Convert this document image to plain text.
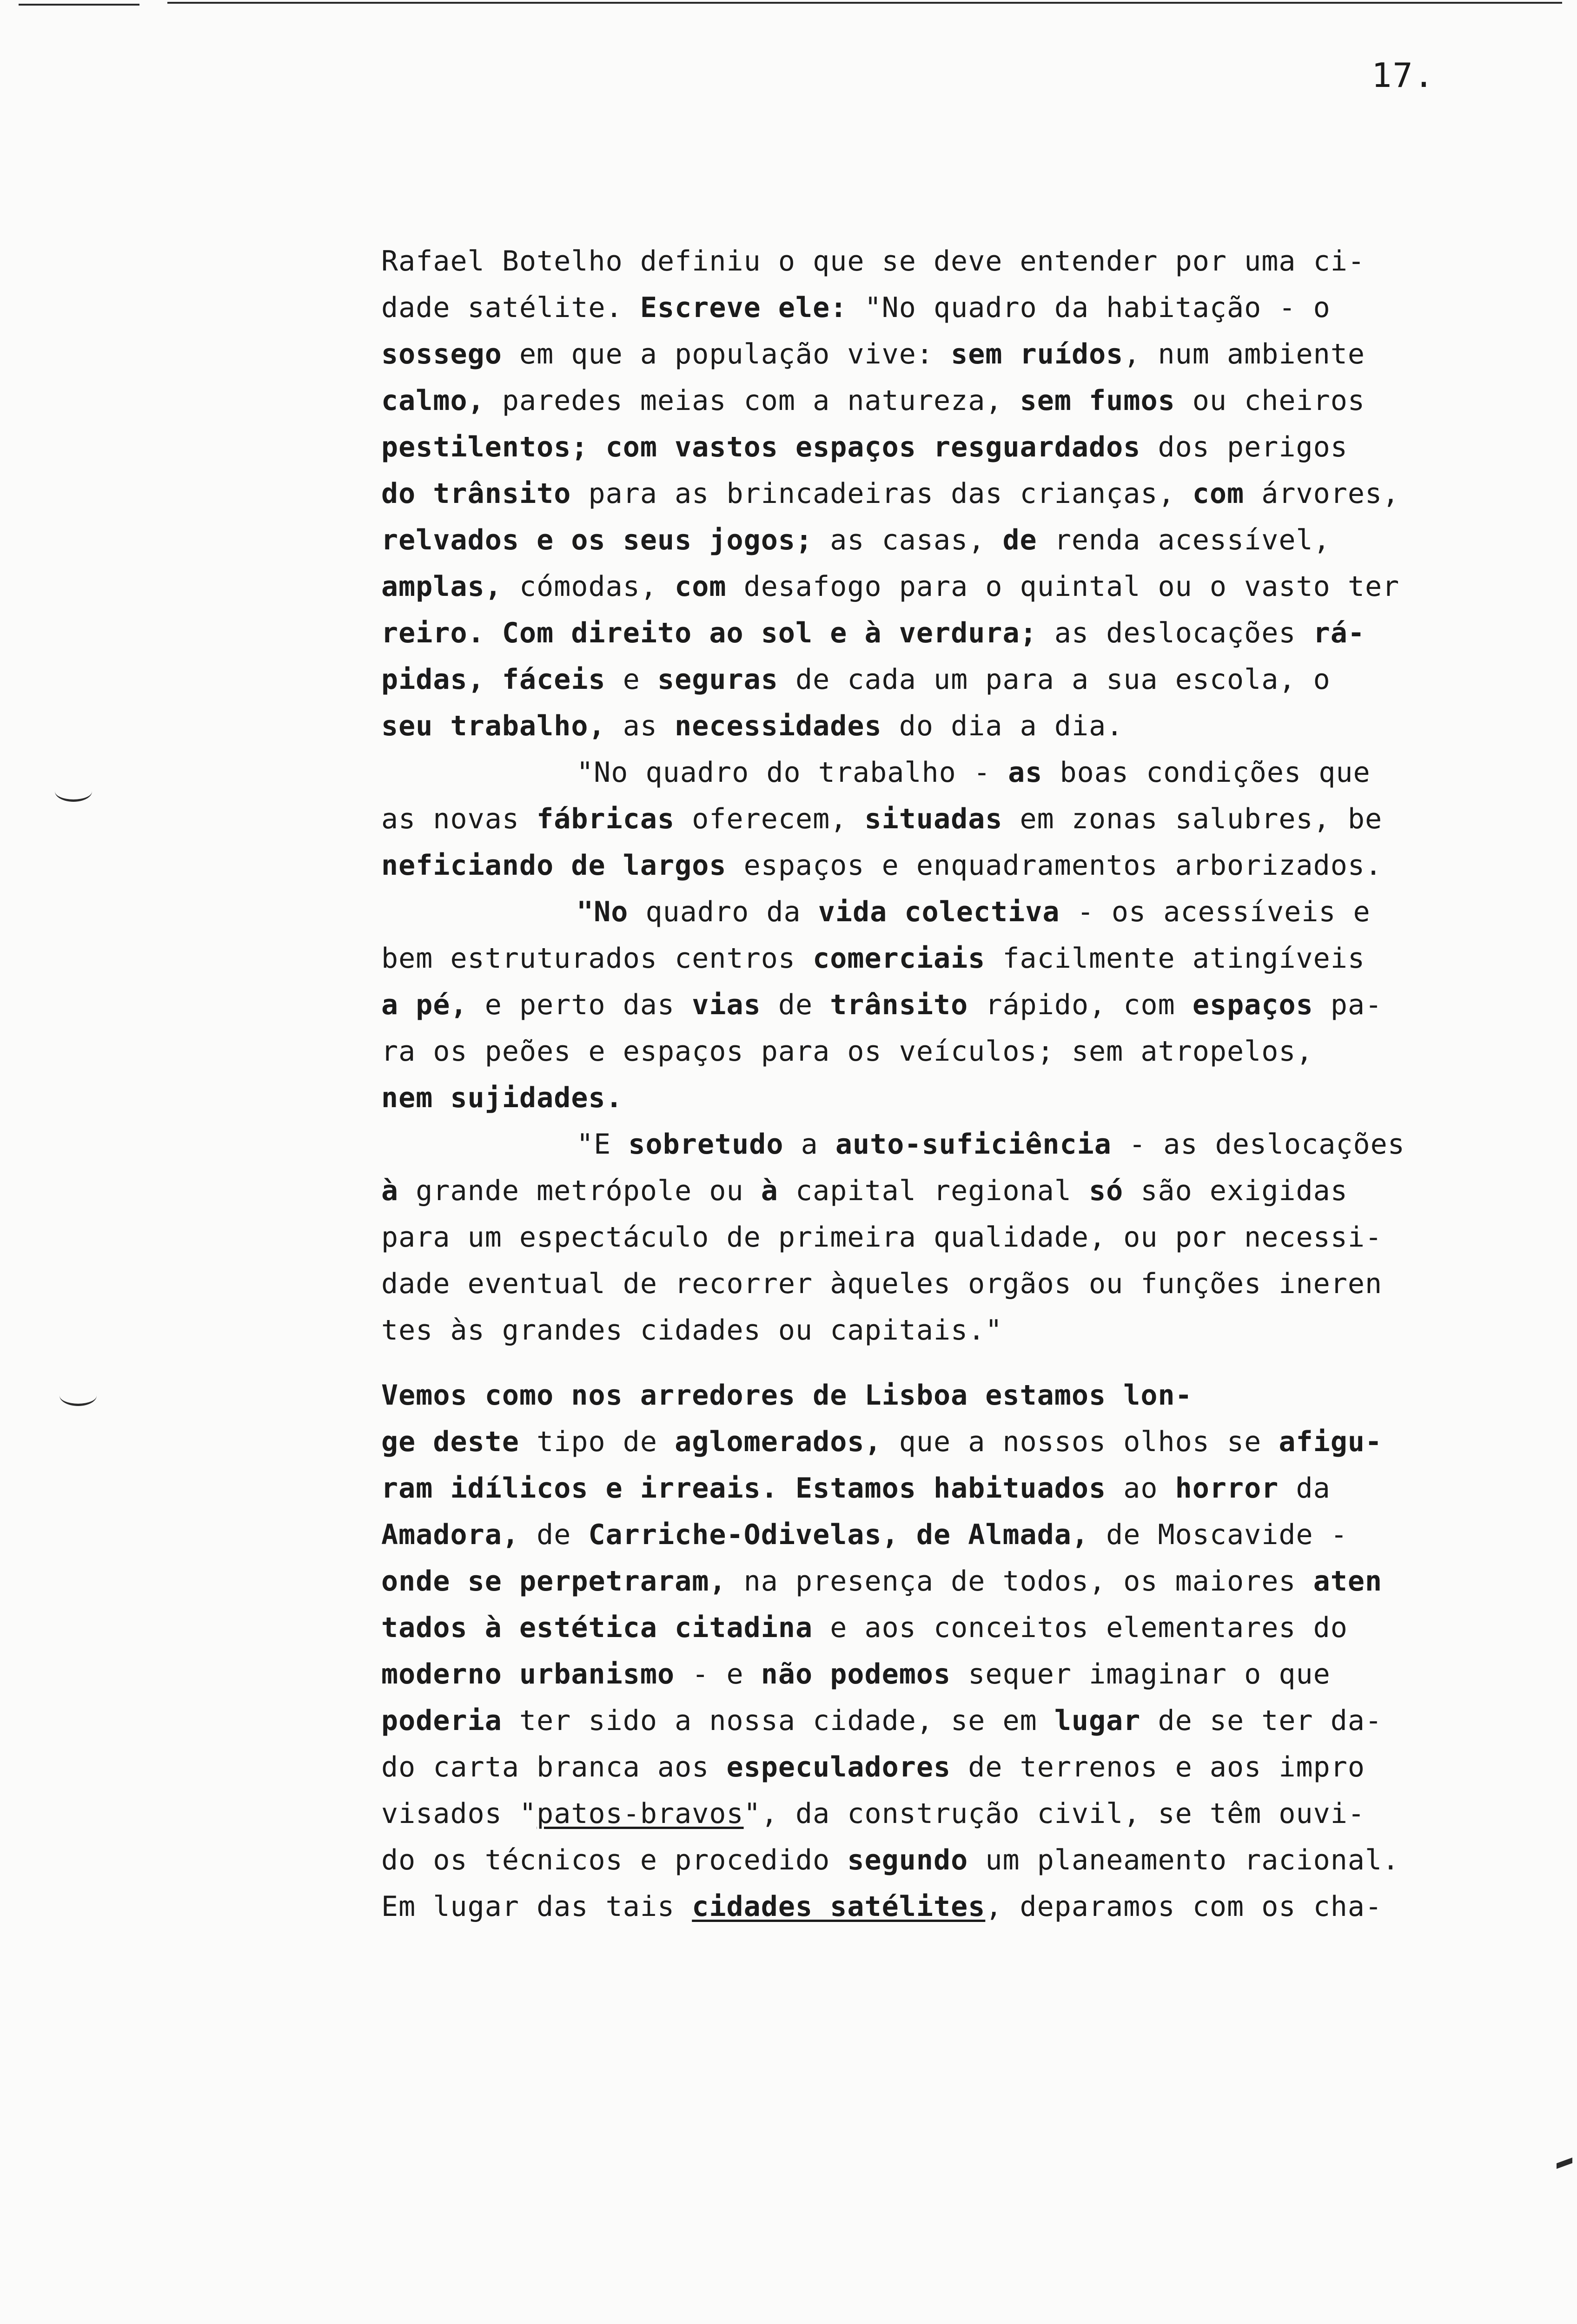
17.
Rafael Botelho definiu o que se deve entender por uma ci-
dade satélite. Escreve ele: "No quadro da habitação - o
sossego em que a população vive: sem ruídos, num ambiente
calmo, paredes meias com a natureza, sem fumos ou cheiros
pestilentos; com vastos espaços resguardados dos perigos
do trânsito para as brincadeiras das crianças, com árvores,
relvados e os seus jogos; as casas, de renda acessível,
amplas, cómodas, com desafogo para o quintal ou o vasto ter
reiro. Com direito ao sol e à verdura; as deslocações rá-
pidas, fáceis e seguras de cada um para a sua escola, o
seu trabalho, as necessidades do dia a dia.
"No quadro do trabalho - as boas condições que
as novas fábricas oferecem, situadas em zonas salubres, be
neficiando de largos espaços e enquadramentos arborizados.
"No quadro da vida colectiva - os acessíveis e
bem estruturados centros comerciais facilmente atingíveis
a pé, e perto das vias de trânsito rápido, com espaços pa-
ra os peões e espaços para os veículos; sem atropelos,
nem sujidades.
"E sobretudo a auto-suficiência - as deslocações
à grande metrópole ou à capital regional só são exigidas
para um espectáculo de primeira qualidade, ou por necessi-
dade eventual de recorrer àqueles orgãos ou funções ineren
tes às grandes cidades ou capitais."
Vemos como nos arredores de Lisboa estamos lon-
ge deste tipo de aglomerados, que a nossos olhos se afigu-
ram idílicos e irreais. Estamos habituados ao horror da
Amadora, de Carriche-Odivelas, de Almada, de Moscavide -
onde se perpetraram, na presença de todos, os maiores aten
tados à estética citadina e aos conceitos elementares do
moderno urbanismo - e não podemos sequer imaginar o que
poderia ter sido a nossa cidade, se em lugar de se ter da-
do carta branca aos especuladores de terrenos e aos impro
visados "patos-bravos", da construção civil, se têm ouvi-
do os técnicos e procedido segundo um planeamento racional.
Em lugar das tais cidades satélites, deparamos com os cha-
